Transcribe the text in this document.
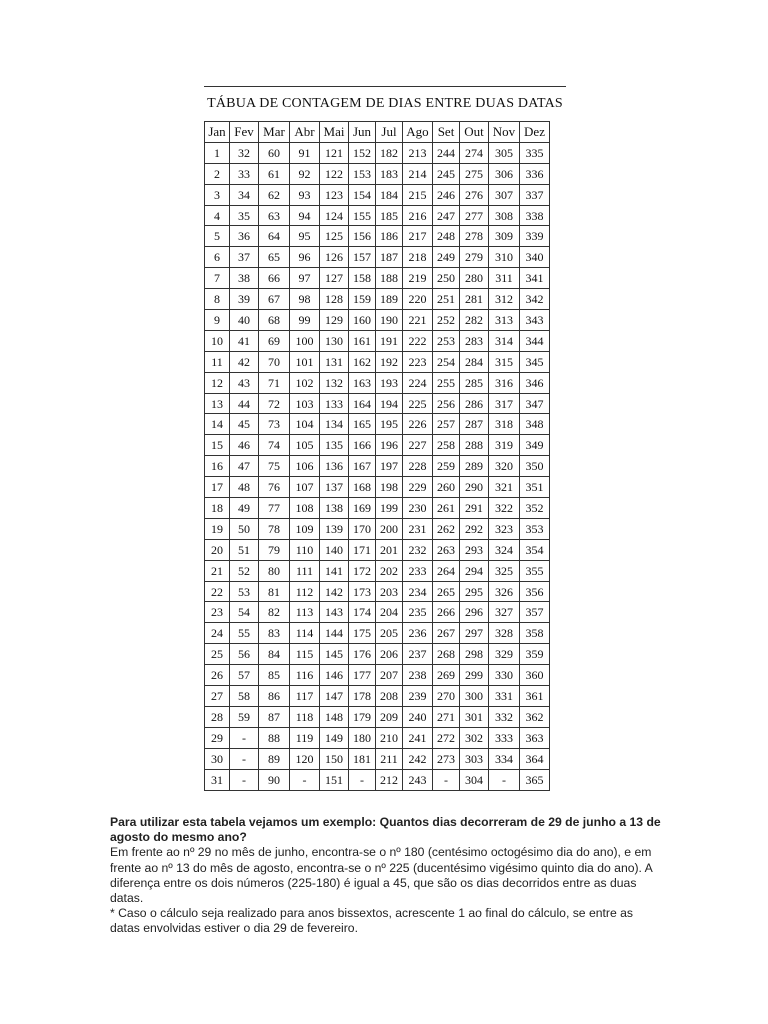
TÁBUA DE CONTAGEM DE DIAS ENTRE DUAS DATAS
Jan	Fev	Mar	Abr	Mai	Jun	Jul	Ago	Set	Out	Nov	Dez
1	32	60	91	121	152	182	213	244	274	305	335
2	33	61	92	122	153	183	214	245	275	306	336
3	34	62	93	123	154	184	215	246	276	307	337
4	35	63	94	124	155	185	216	247	277	308	338
5	36	64	95	125	156	186	217	248	278	309	339
6	37	65	96	126	157	187	218	249	279	310	340
7	38	66	97	127	158	188	219	250	280	311	341
8	39	67	98	128	159	189	220	251	281	312	342
9	40	68	99	129	160	190	221	252	282	313	343
10	41	69	100	130	161	191	222	253	283	314	344
11	42	70	101	131	162	192	223	254	284	315	345
12	43	71	102	132	163	193	224	255	285	316	346
13	44	72	103	133	164	194	225	256	286	317	347
14	45	73	104	134	165	195	226	257	287	318	348
15	46	74	105	135	166	196	227	258	288	319	349
16	47	75	106	136	167	197	228	259	289	320	350
17	48	76	107	137	168	198	229	260	290	321	351
18	49	77	108	138	169	199	230	261	291	322	352
19	50	78	109	139	170	200	231	262	292	323	353
20	51	79	110	140	171	201	232	263	293	324	354
21	52	80	111	141	172	202	233	264	294	325	355
22	53	81	112	142	173	203	234	265	295	326	356
23	54	82	113	143	174	204	235	266	296	327	357
24	55	83	114	144	175	205	236	267	297	328	358
25	56	84	115	145	176	206	237	268	298	329	359
26	57	85	116	146	177	207	238	269	299	330	360
27	58	86	117	147	178	208	239	270	300	331	361
28	59	87	118	148	179	209	240	271	301	332	362
29	-	88	119	149	180	210	241	272	302	333	363
30	-	89	120	150	181	211	242	273	303	334	364
31	-	90	-	151	-	212	243	-	304	-	365

Para utilizar esta tabela vejamos um exemplo: Quantos dias decorreram de 29 de junho a 13 de agosto do mesmo ano?

Em frente ao nº 29 no mês de junho, encontra-se o nº 180 (centésimo octogésimo dia do ano), e em frente ao nº 13 do mês de agosto, encontra-se o nº 225 (ducentésimo vigésimo quinto dia do ano). A diferença entre os dois números (225-180) é igual a 45, que são os dias decorridos entre as duas datas.

* Caso o cálculo seja realizado para anos bissextos, acrescente 1 ao final do cálculo, se entre as datas envolvidas estiver o dia 29 de fevereiro.
